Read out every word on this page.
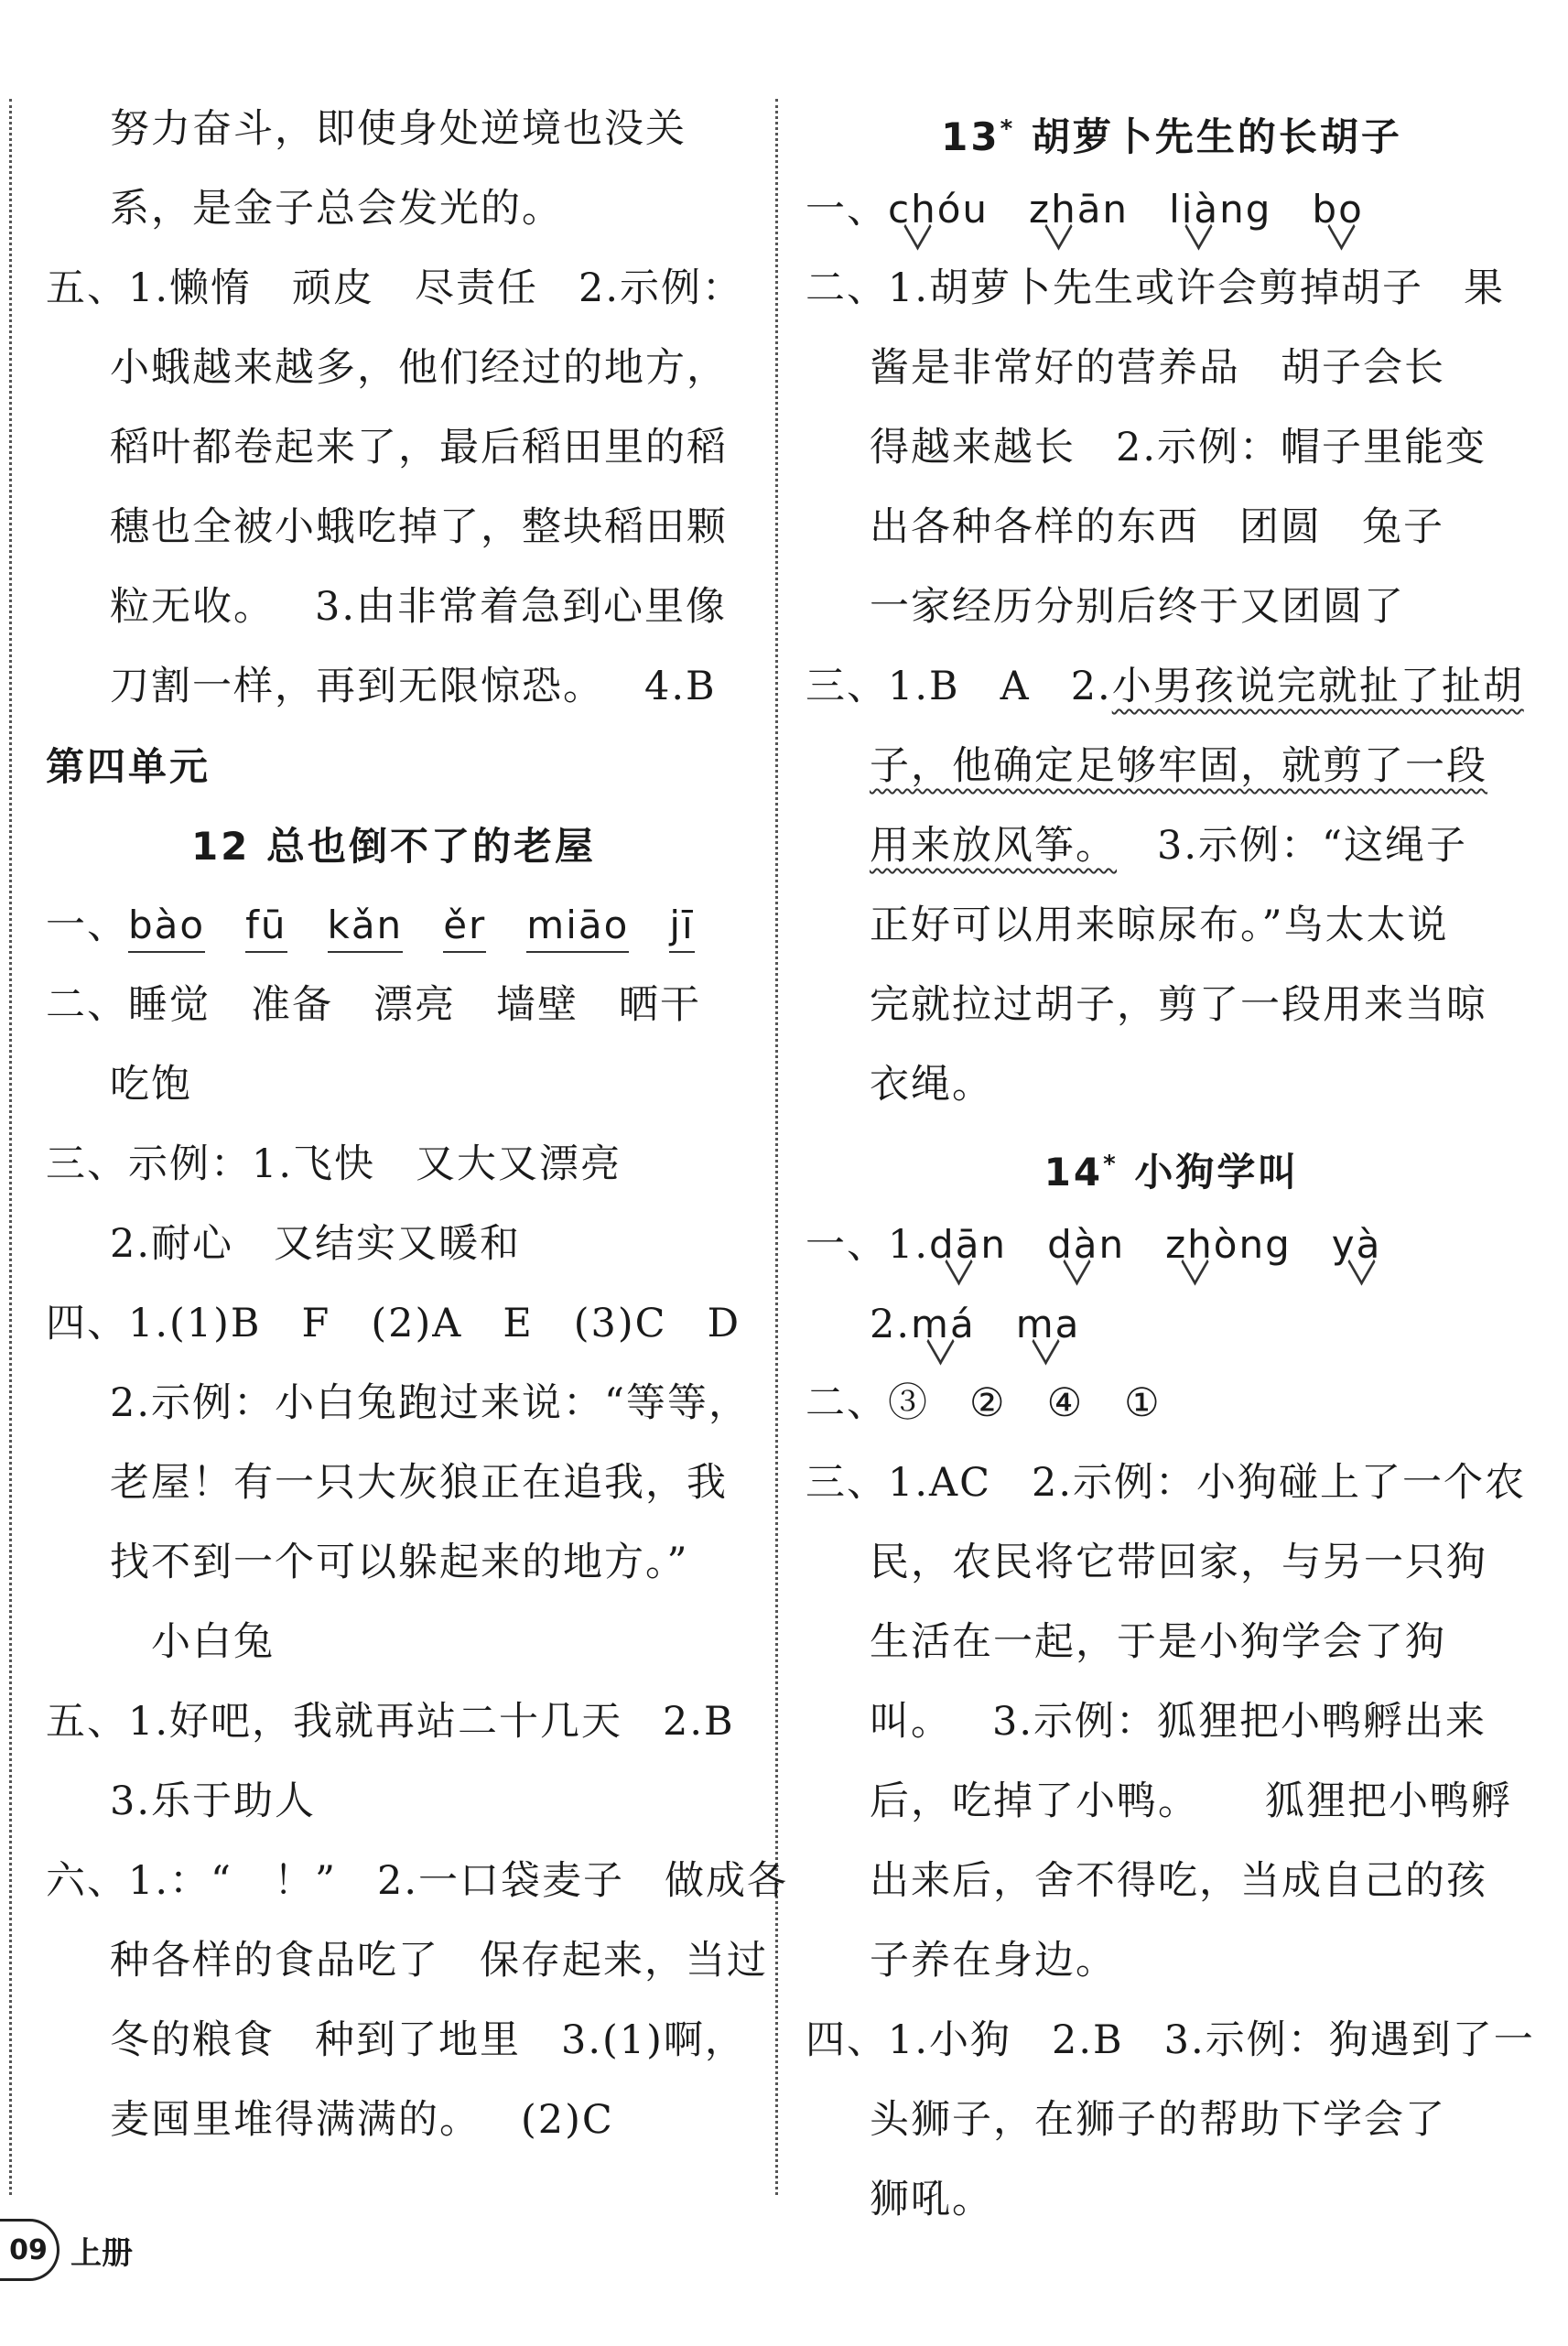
努力奋斗，即使身处逆境也没关
系，是金子总会发光的。
五、1.懒惰 顽皮 尽责任 2.示例：
小蛾越来越多，他们经过的地方，
稻叶都卷起来了，最后稻田里的稻
穗也全被小蛾吃掉了，整块稻田颗
粒无收。 3.由非常着急到心里像
刀割一样，再到无限惊恐。 4.B
第四单元
12 总也倒不了的老屋
一、bào fū kǎn ěr miāo jī
二、睡觉 准备 漂亮 墙壁 晒干
吃饱
三、示例：1.飞快 又大又漂亮
2.耐心 又结实又暖和
四、1.(1)B F (2)A E (3)C D
2.示例：小白兔跑过来说：“等等，
老屋！有一只大灰狼正在追我，我
找不到一个可以躲起来的地方。”
小白兔
五、1.好吧，我就再站二十几天 2.B
3.乐于助人
六、1.：“　！” 2.一口袋麦子 做成各
种各样的食品吃了 保存起来，当过
冬的粮食 种到了地里 3.(1)啊，
麦囤里堆得满满的。 (2)C
13* 胡萝卜先生的长胡子
一、chóu zhān liàng bo
二、1.胡萝卜先生或许会剪掉胡子 果
酱是非常好的营养品 胡子会长
得越来越长 2.示例：帽子里能变
出各种各样的东西 团圆 兔子
一家经历分别后终于又团圆了
三、1.B A 2.小男孩说完就扯了扯胡
子，他确定足够牢固，就剪了一段
用来放风筝。 3.示例：“这绳子
正好可以用来晾尿布。”鸟太太说
完就拉过胡子，剪了一段用来当晾
衣绳。
14* 小狗学叫
一、1.dān dàn zhòng yà
2.má ma
二、③ ② ④ ①
三、1.AC 2.示例：小狗碰上了一个农
民，农民将它带回家，与另一只狗
生活在一起，于是小狗学会了狗
叫。 3.示例：狐狸把小鸭孵出来
后，吃掉了小鸭。 狐狸把小鸭孵
出来后，舍不得吃，当成自己的孩
子养在身边。
四、1.小狗 2.B 3.示例：狗遇到了一
头狮子，在狮子的帮助下学会了
狮吼。
09 上册
